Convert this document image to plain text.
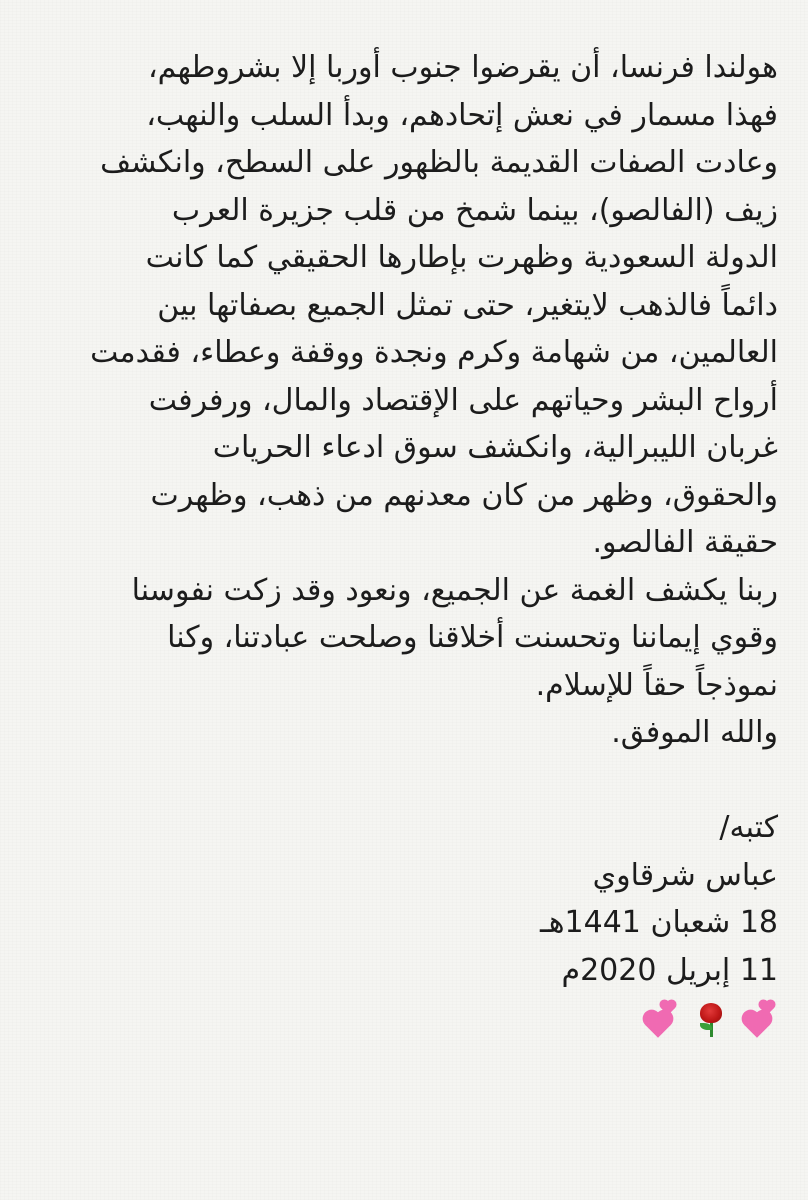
هولندا فرنسا، أن يقرضوا جنوب أوربا إلا بشروطهم،
فهذا مسمار في نعش إتحادهم، وبدأ السلب والنهب،
وعادت الصفات القديمة بالظهور على السطح، وانكشف
زيف (الفالصو)، بينما شمخ من قلب جزيرة العرب
الدولة السعودية وظهرت بإطارها الحقيقي كما كانت
دائماً فالذهب لايتغير، حتى تمثل الجميع بصفاتها بين
العالمين، من شهامة وكرم ونجدة ووقفة وعطاء، فقدمت
أرواح البشر وحياتهم على الإقتصاد والمال، ورفرفت
غربان الليبرالية، وانكشف سوق ادعاء الحريات
والحقوق، وظهر من كان معدنهم من ذهب، وظهرت
حقيقة الفالصو.
ربنا يكشف الغمة عن الجميع، ونعود وقد زكت نفوسنا
وقوي إيماننا وتحسنت أخلاقنا وصلحت عبادتنا، وكنا
نموذجاً حقاً للإسلام.
والله الموفق.
كتبه/
عباس شرقاوي
18 شعبان 1441هـ
11 إبريل 2020م
